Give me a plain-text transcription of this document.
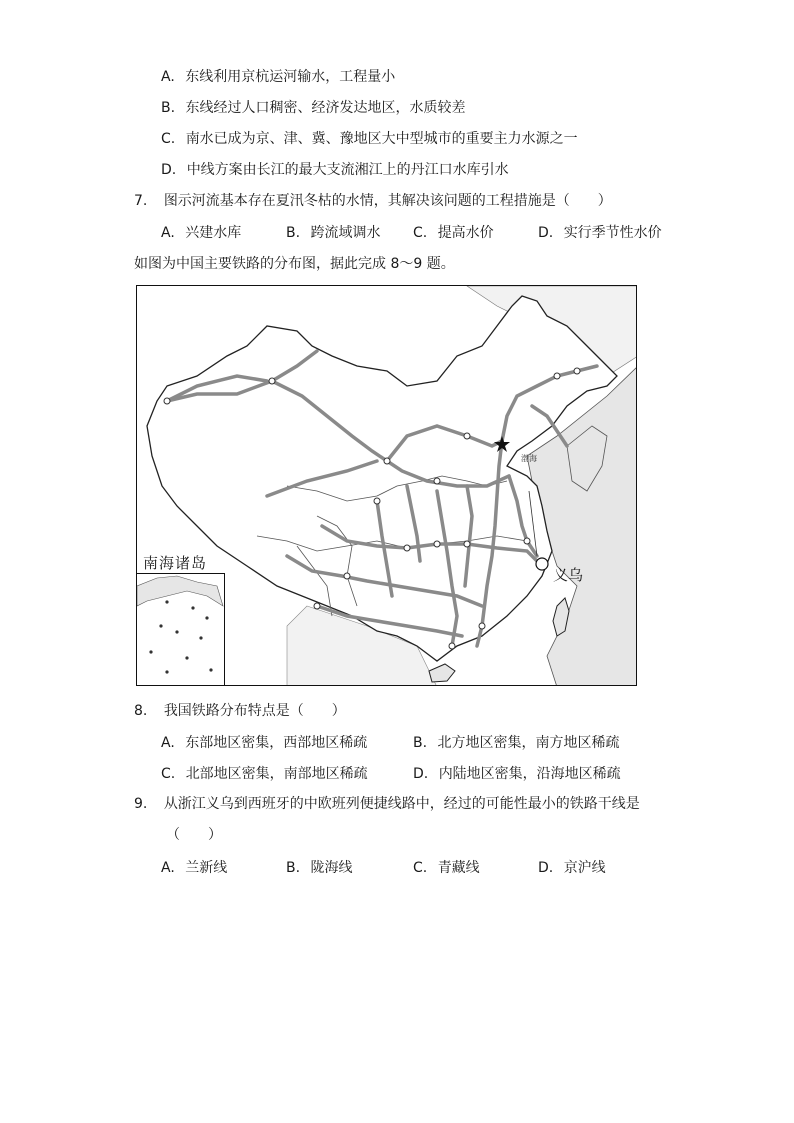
A. 东线利用京杭运河输水，工程量小
B. 东线经过人口稠密、经济发达地区，水质较差
C. 南水已成为京、津、冀、豫地区大中型城市的重要主力水源之一
D. 中线方案由长江的最大支流湘江上的丹江口水库引水
7. 图示河流基本存在夏汛冬枯的水情，其解决该问题的工程措施是（　　）
A. 兴建水库	B. 跨流域调水 C. 提高水价	D. 实行季节性水价
如图为中国主要铁路的分布图，据此完成 8～9 题。
南海诸岛
义乌
渤海
8. 我国铁路分布特点是（　　）
A. 东部地区密集，西部地区稀疏	B. 北方地区密集，南方地区稀疏
C. 北部地区密集，南部地区稀疏	D. 内陆地区密集，沿海地区稀疏
9. 从浙江义乌到西班牙的中欧班列便捷线路中，经过的可能性最小的铁路干线是
（　　）
A. 兰新线	B. 陇海线	C. 青藏线	D. 京沪线
